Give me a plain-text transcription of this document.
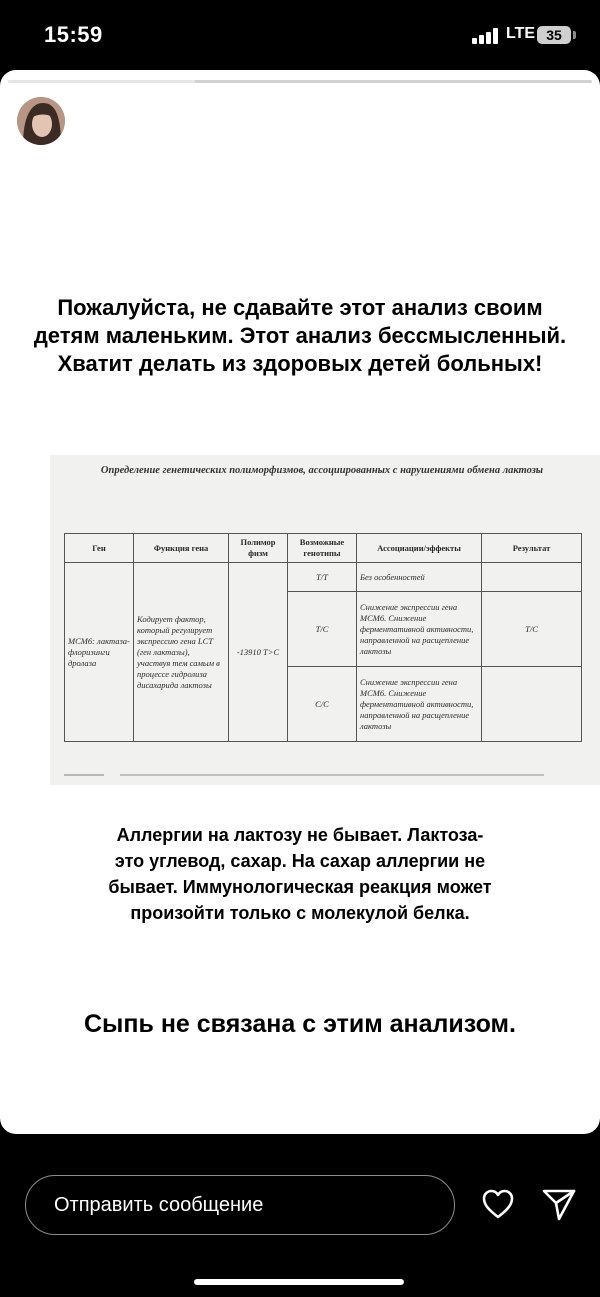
15:59	LTE 35
doc_mekhedova 5 ч.
Пожалуйста, не сдавайте этот анализ своим детям маленьким. Этот анализ бессмысленный. Хватит делать из здоровых детей больных!
Определение генетических полиморфизмов, ассоциированных с нарушениями обмена лактозы
Ген	Функция гена	Полимор физм	Возможные генотипы	Ассоциации/эффекты	Результат
MCM6: лактаза-флоризинги дролаза	Кодирует фактор, который регулирует экспрессию гена LCT (ген лактазы), участвуя тем самым в процессе гидролиза дисахарида лактозы	-13910 T>C	T/T	Без особенностей	
			T/C	Снижение экспрессии гена MCM6. Снижение ферментативной активности, направленной на расщепление лактозы	T/C
			C/C	Снижение экспрессии гена MCM6. Снижение ферментативной активности, направленной на расщепление лактозы	
Аллергии на лактозу не бывает. Лактоза- это углевод, сахар. На сахар аллергии не бывает. Иммунологическая реакция может произойти только с молекулой белка.
Сыпь не связана с этим анализом.
Отправить сообщение
